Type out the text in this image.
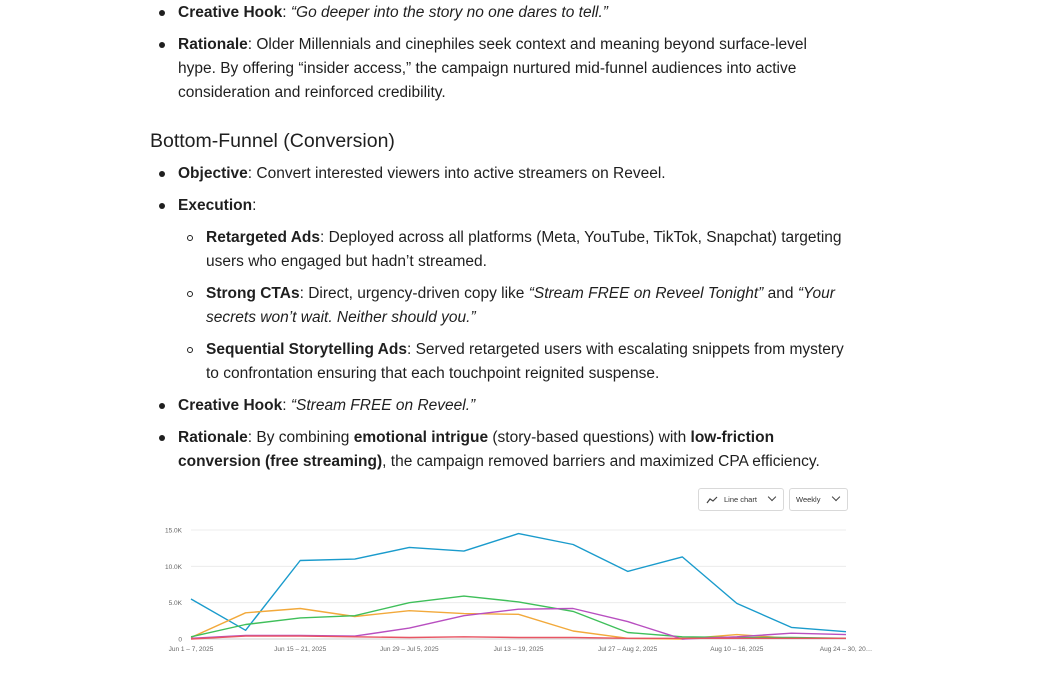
Creative Hook: “Go deeper into the story no one dares to tell.”
Rationale: Older Millennials and cinephiles seek context and meaning beyond surface-level
hype. By offering “insider access,” the campaign nurtured mid-funnel audiences into active
consideration and reinforced credibility.
Bottom-Funnel (Conversion)
Objective: Convert interested viewers into active streamers on Reveel.
Execution:
Retargeted Ads: Deployed across all platforms (Meta, YouTube, TikTok, Snapchat) targeting
users who engaged but hadn’t streamed.
Strong CTAs: Direct, urgency-driven copy like “Stream FREE on Reveel Tonight” and “Your
secrets won’t wait. Neither should you.”
Sequential Storytelling Ads: Served retargeted users with escalating snippets from mystery
to confrontation ensuring that each touchpoint reignited suspense.
Creative Hook: “Stream FREE on Reveel.”
Rationale: By combining emotional intrigue (story-based questions) with low-friction
conversion (free streaming), the campaign removed barriers and maximized CPA efficiency.
Line chart	Weekly
0
5.0K
10.0K
15.0K
Jun 1 – 7, 2025	Jun 15 – 21, 2025	Jun 29 – Jul 5, 2025	Jul 13 – 19, 2025	Jul 27 – Aug 2, 2025	Aug 10 – 16, 2025	Aug 24 – 30, 20…
